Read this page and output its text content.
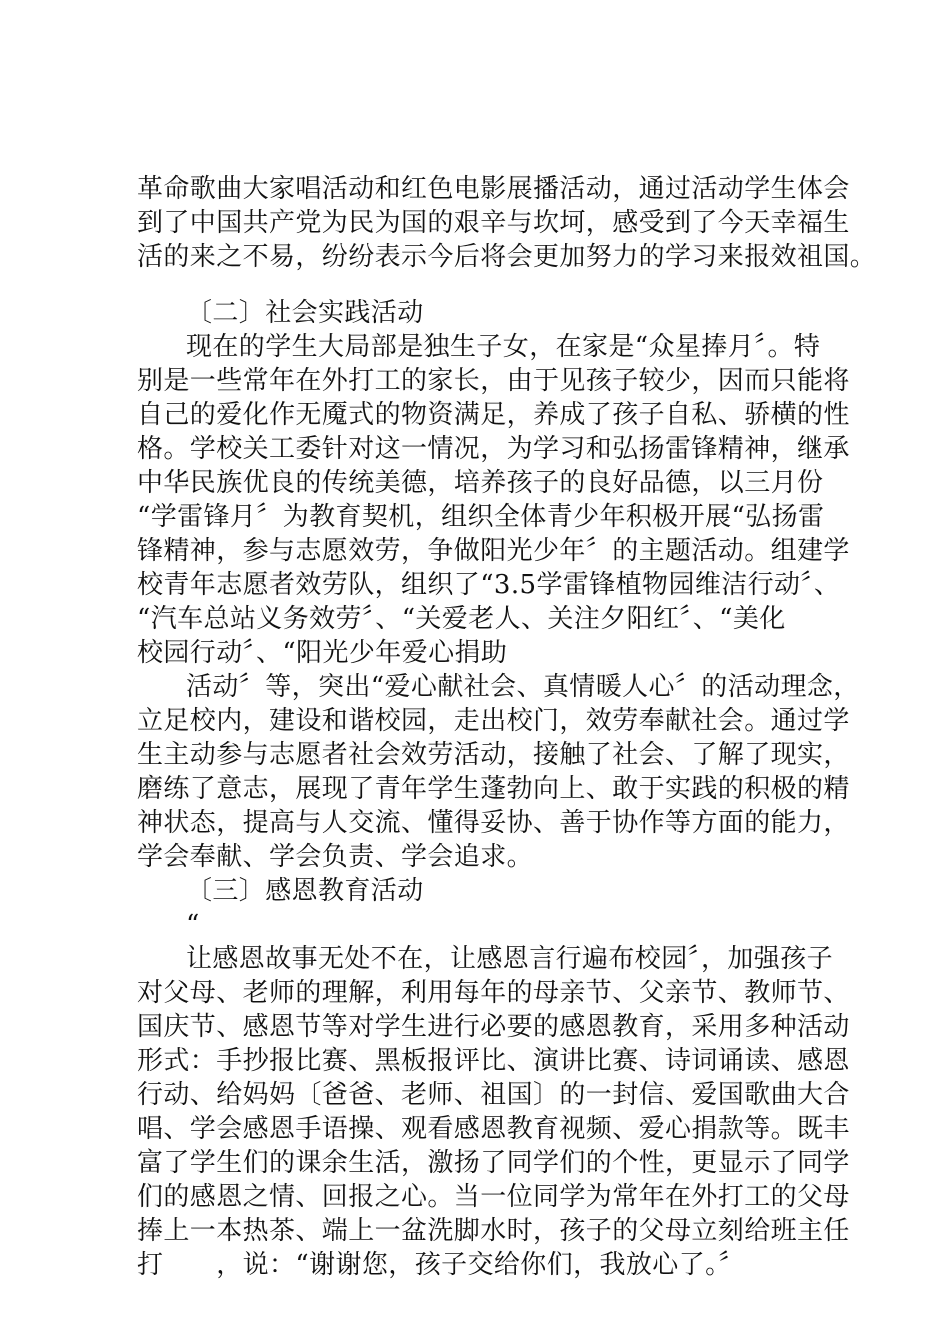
革命歌曲大家唱活动和红色电影展播活动，通过活动学生体会
到了中国共产党为民为国的艰辛与坎坷，感受到了今天幸福生
活的来之不易，纷纷表示今后将会更加努力的学习来报效祖国。
〔二〕社会实践活动
现在的学生大局部是独生子女，在家是“众星捧月〞。特
别是一些常年在外打工的家长，由于见孩子较少，因而只能将
自己的爱化作无魇式的物资满足，养成了孩子自私、骄横的性
格。学校关工委针对这一情况，为学习和弘扬雷锋精神，继承
中华民族优良的传统美德，培养孩子的良好品德，以三月份
“学雷锋月〞为教育契机，组织全体青少年积极开展“弘扬雷
锋精神，参与志愿效劳，争做阳光少年〞的主题活动。组建学
校青年志愿者效劳队，组织了“3.5学雷锋植物园维洁行动〞、
“汽车总站义务效劳〞、“关爱老人、关注夕阳红〞、“美化
校园行动〞、“阳光少年爱心捐助
活动〞等，突出“爱心献社会、真情暖人心〞的活动理念，
立足校内，建设和谐校园，走出校门，效劳奉献社会。通过学
生主动参与志愿者社会效劳活动，接触了社会、了解了现实，
磨练了意志，展现了青年学生蓬勃向上、敢于实践的积极的精
神状态，提高与人交流、懂得妥协、善于协作等方面的能力，
学会奉献、学会负责、学会追求。
〔三〕感恩教育活动
“
让感恩故事无处不在，让感恩言行遍布校园〞，加强孩子
对父母、老师的理解，利用每年的母亲节、父亲节、教师节、
国庆节、感恩节等对学生进行必要的感恩教育，采用多种活动
形式：手抄报比赛、黑板报评比、演讲比赛、诗词诵读、感恩
行动、给妈妈〔爸爸、老师、祖国〕的一封信、爱国歌曲大合
唱、学会感恩手语操、观看感恩教育视频、爱心捐款等。既丰
富了学生们的课余生活，激扬了同学们的个性，更显示了同学
们的感恩之情、回报之心。当一位同学为常年在外打工的父母
捧上一本热茶、端上一盆洗脚水时，孩子的父母立刻给班主任
打　　，说：“谢谢您，孩子交给你们，我放心了。〞
